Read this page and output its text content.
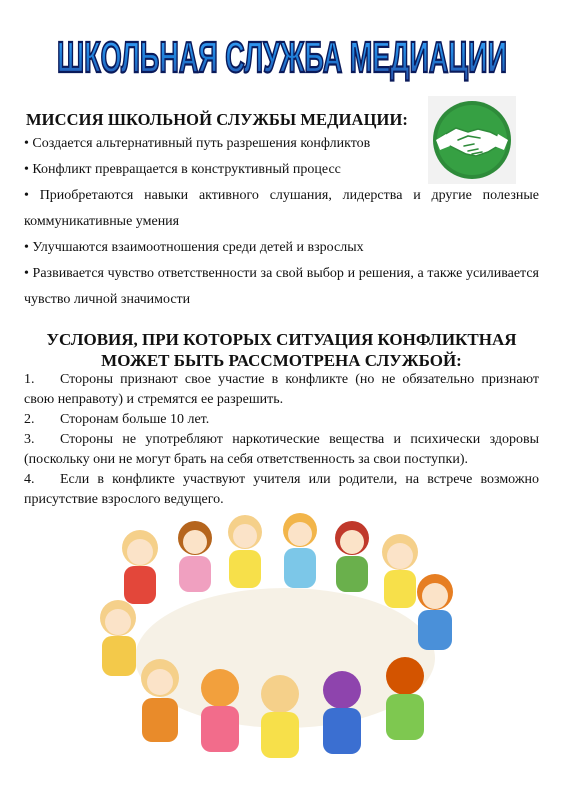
ШКОЛЬНАЯ СЛУЖБА МЕДИАЦИИ
МИССИЯ ШКОЛЬНОЙ СЛУЖБЫ МЕДИАЦИИ:
• Создается альтернативный путь разрешения конфликтов
• Конфликт превращается в конструктивный процесс
• Приобретаются навыки активного слушания, лидерства и другие полезные коммуникативные умения
• Улучшаются взаимоотношения среди детей и взрослых
• Развивается чувство ответственности за свой выбор и решения, а также усиливается чувство личной значимости
УСЛОВИЯ, ПРИ КОТОРЫХ СИТУАЦИЯ КОНФЛИКТНАЯ МОЖЕТ БЫТЬ РАССМОТРЕНА СЛУЖБОЙ:
1. Стороны признают свое участие в конфликте (но не обязательно признают свою неправоту) и стремятся ее разрешить.
2. Сторонам больше 10 лет.
3. Стороны не употребляют наркотические вещества и психически здоровы (поскольку они не могут брать на себя ответственность за свои поступки).
4. Если в конфликте участвуют учителя или родители, на встрече возможно присутствие взрослого ведущего.
